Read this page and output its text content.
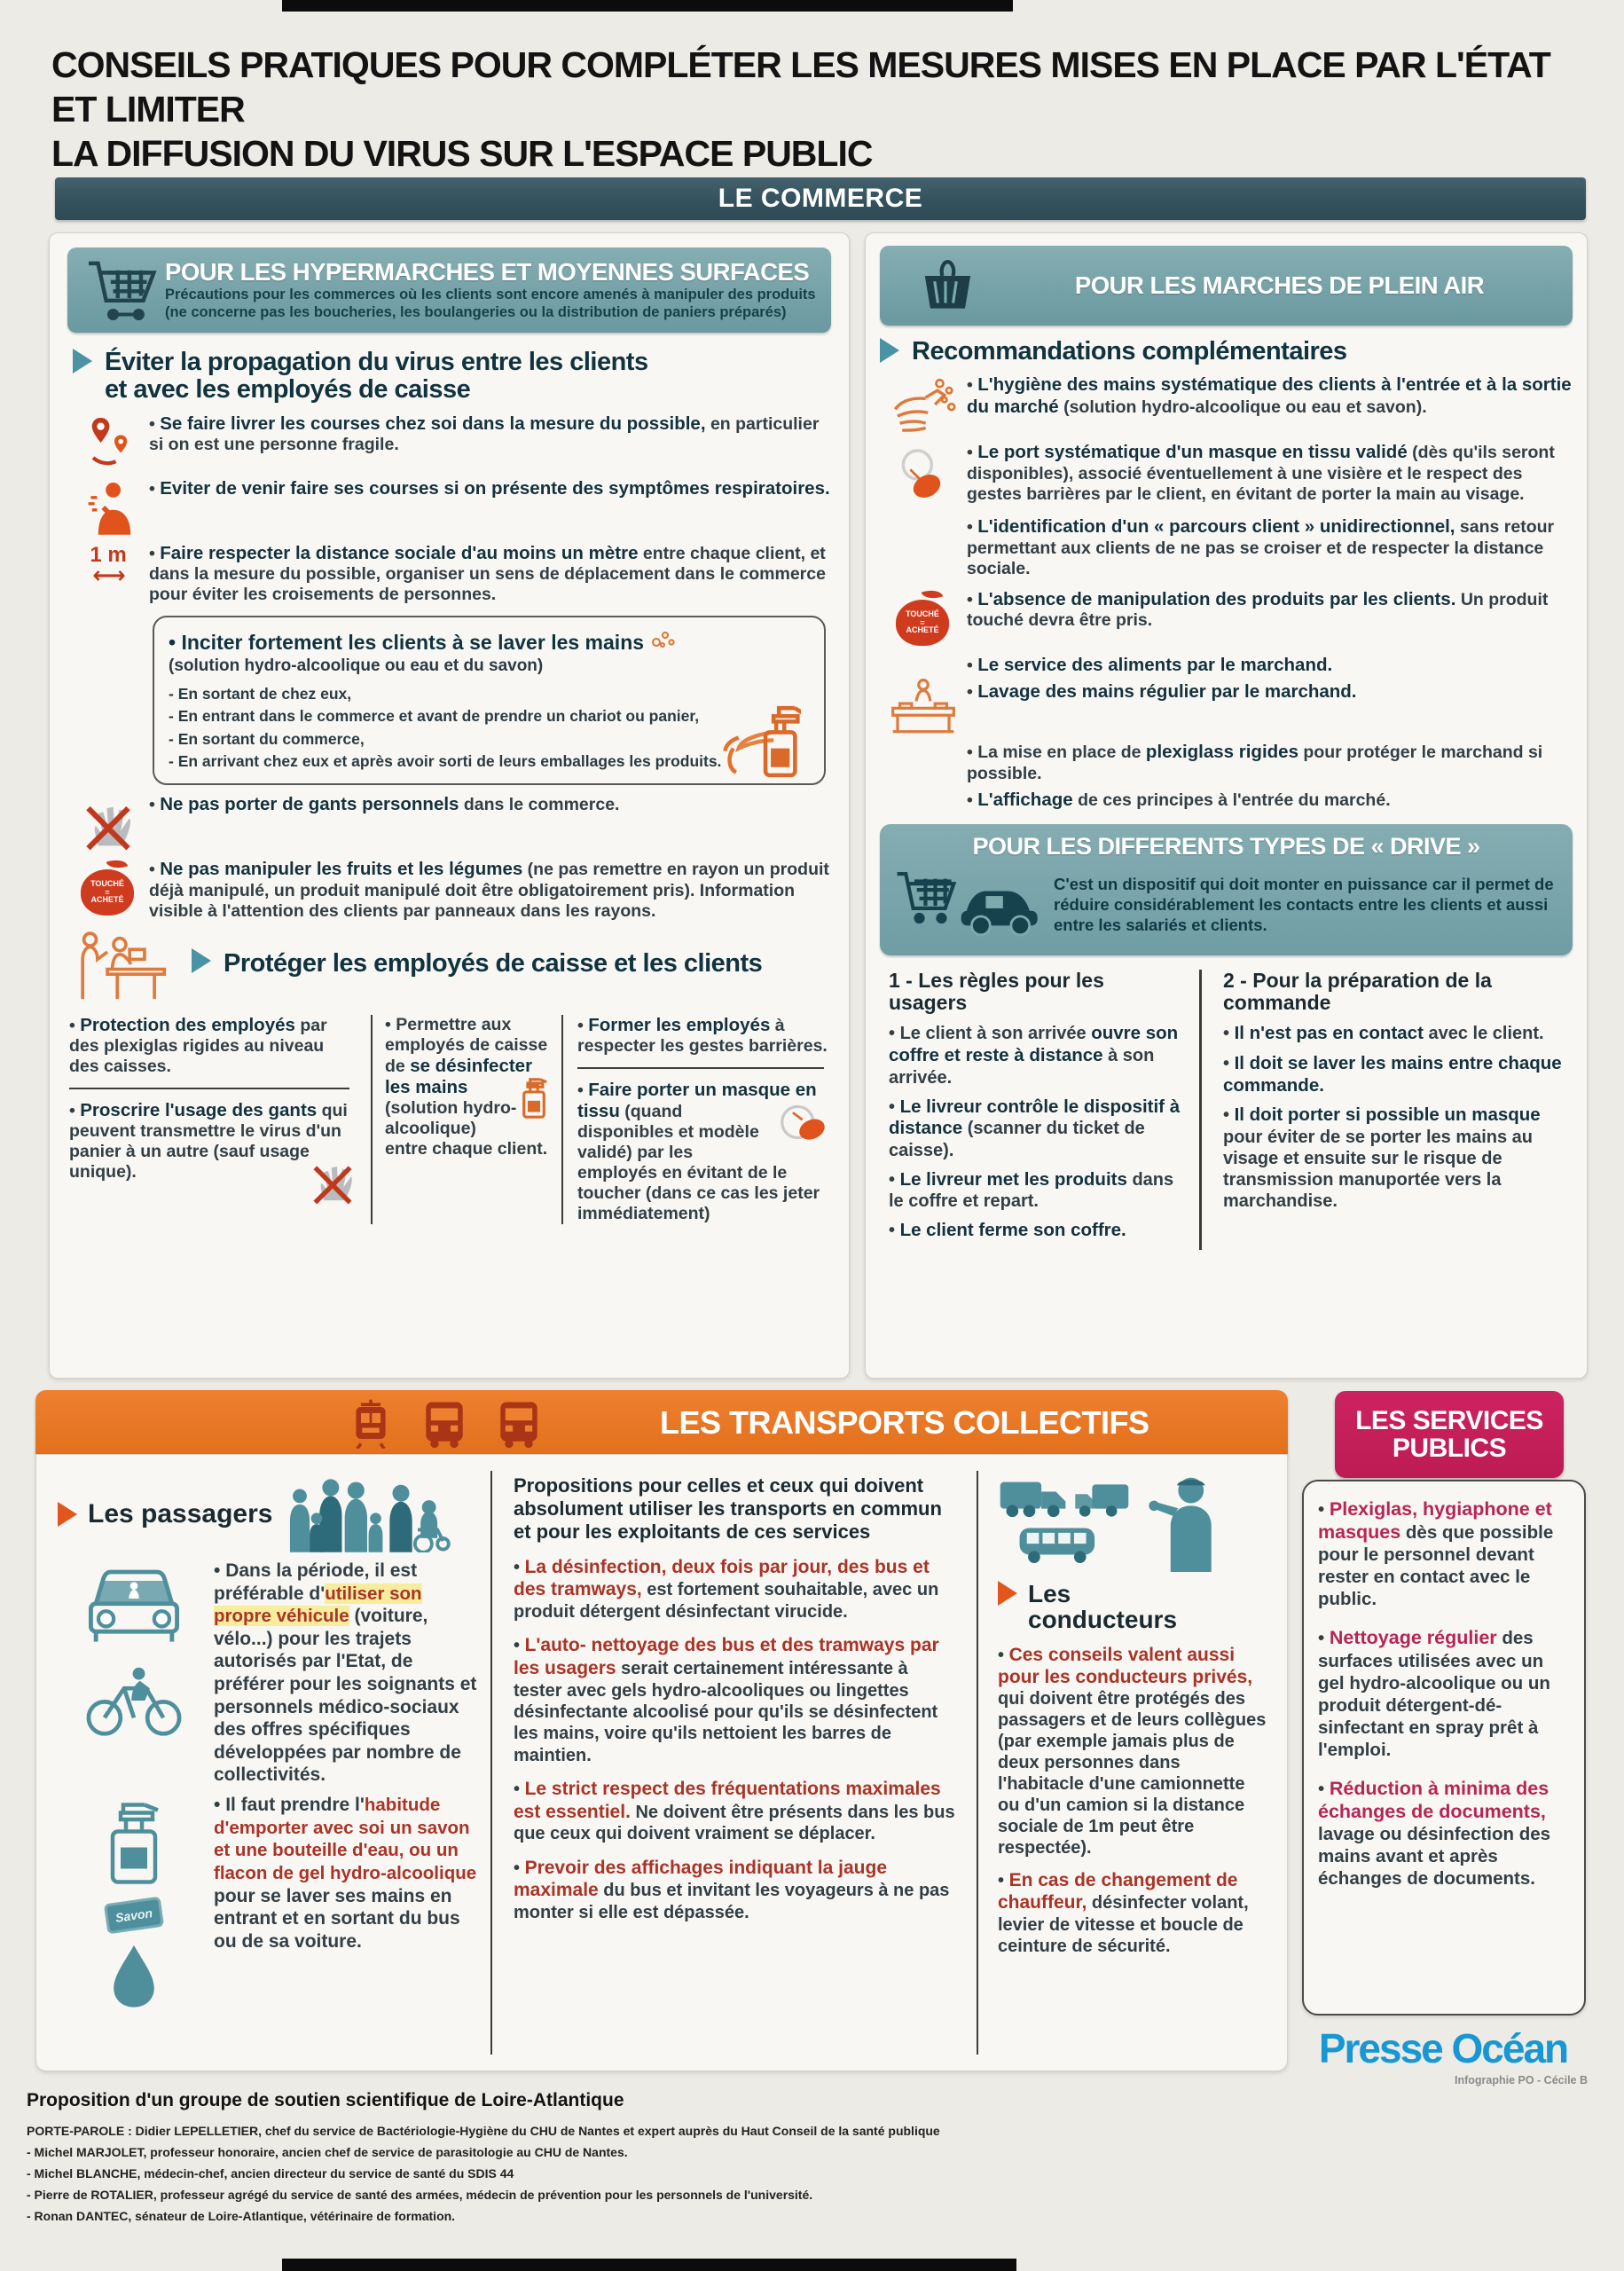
CONSEILS PRATIQUES POUR COMPLÉTER LES MESURES MISES EN PLACE PAR L'ÉTAT ET LIMITER
LA DIFFUSION DU VIRUS SUR L'ESPACE PUBLIC
LE COMMERCE
POUR LES HYPERMARCHES ET MOYENNES SURFACES
Précautions pour les commerces où les clients sont encore amenés à manipuler des produits
(ne concerne pas les boucheries, les boulangeries ou la distribution de paniers préparés)
Éviter la propagation du virus entre les clients
et avec les employés de caisse
• Se faire livrer les courses chez soi dans la mesure du possible, en particulier si on est une personne fragile.
• Eviter de venir faire ses courses si on présente des symptômes respiratoires.
1 m
⟷
• Faire respecter la distance sociale d'au moins un mètre entre chaque client, et dans la mesure du possible, organiser un sens de déplacement dans le commerce pour éviter les croisements de personnes.
• Inciter fortement les clients à se laver les mains
(solution hydro-alcoolique ou eau et du savon)
- En sortant de chez eux,
- En entrant dans le commerce et avant de prendre un chariot ou panier,
- En sortant du commerce,
- En arrivant chez eux et après avoir sorti de leurs emballages les produits.
• Ne pas porter de gants personnels dans le commerce.
TOUCHÉ
=
ACHETÉ
• Ne pas manipuler les fruits et les légumes (ne pas remettre en rayon un produit déjà manipulé, un produit manipulé doit être obligatoirement pris). Information visible à l'attention des clients par panneaux dans les rayons.
Protéger les employés de caisse et les clients
• Protection des employés par des plexiglas rigides au niveau des caisses.
• Proscrire l'usage des gants qui peuvent transmettre le virus d'un panier à un autre (sauf usage unique).
• Permettre aux employés de caisse de se désinfecter les mains
(solution hydro-alcoolique) entre chaque client.
• Former les employés à respecter les gestes barrières.
• Faire porter un masque en tissu
(quand disponibles et modèle validé) par les employés en évitant de le toucher (dans ce cas les jeter immédiatement)
POUR LES MARCHES DE PLEIN AIR
Recommandations complémentaires
• L'hygiène des mains systématique des clients à l'entrée et à la sortie du marché (solution hydro-alcoolique ou eau et savon).
• Le port systématique d'un masque en tissu validé (dès qu'ils seront disponibles), associé éventuellement à une visière et le respect des gestes barrières par le client, en évitant de porter la main au visage.
• L'identification d'un « parcours client » unidirectionnel, sans retour permettant aux clients de ne pas se croiser et de respecter la distance sociale.
TOUCHÉ
=
ACHETÉ
• L'absence de manipulation des produits par les clients. Un produit touché devra être pris.
• Le service des aliments par le marchand.
• Lavage des mains régulier par le marchand.
• La mise en place de plexiglass rigides pour protéger le marchand si possible.
• L'affichage de ces principes à l'entrée du marché.
POUR LES DIFFERENTS TYPES DE « DRIVE »
C'est un dispositif qui doit monter en puissance car il permet de réduire considérablement les contacts entre les clients et aussi entre les salariés et clients.
1 - Les règles pour les usagers
• Le client à son arrivée ouvre son coffre et reste à distance à son arrivée.
• Le livreur contrôle le dispositif à distance (scanner du ticket de caisse).
• Le livreur met les produits dans le coffre et repart.
• Le client ferme son coffre.
2 - Pour la préparation de la commande
• Il n'est pas en contact avec le client.
• Il doit se laver les mains entre chaque commande.
• Il doit porter si possible un masque pour éviter de se porter les mains au visage et ensuite sur le risque de transmission manuportée vers la marchandise.
LES TRANSPORTS COLLECTIFS
Les passagers
• Dans la période, il est préférable d'utiliser son propre véhicule (voiture, vélo...) pour les trajets autorisés par l'Etat, de préférer pour les soignants et personnels médico-sociaux des offres spécifiques développées par nombre de collectivités.
Savon
• Il faut prendre l'habitude d'emporter avec soi un savon et une bouteille d'eau, ou un flacon de gel hydro-alcoolique pour se laver ses mains en entrant et en sortant du bus ou de sa voiture.
Propositions pour celles et ceux qui doivent absolument utiliser les transports en commun et pour les exploitants de ces services
• La désinfection, deux fois par jour, des bus et des tramways, est fortement souhaitable, avec un produit détergent désinfectant virucide.
• L'auto- nettoyage des bus et des tramways par les usagers serait certainement intéressante à tester avec gels hydro-alcooliques ou lingettes désinfectante alcoolisé pour qu'ils se désinfectent les mains, voire qu'ils nettoient les barres de maintien.
• Le strict respect des fréquentations maximales est essentiel. Ne doivent être présents dans les bus que ceux qui doivent vraiment se déplacer.
• Prevoir des affichages indiquant la jauge maximale du bus et invitant les voyageurs à ne pas monter si elle est dépassée.
Les conducteurs
• Ces conseils valent aussi pour les conducteurs privés, qui doivent être protégés des passagers et de leurs collègues (par exemple jamais plus de deux personnes dans l'habitacle d'une camionnette ou d'un camion si la distance sociale de 1m peut être respectée).
• En cas de changement de chauffeur, désinfecter volant, levier de vitesse et boucle de ceinture de sécurité.
LES SERVICES
PUBLICS
• Plexiglas, hygiaphone et masques dès que possible pour le personnel devant rester en contact avec le public.
• Nettoyage régulier des surfaces utilisées avec un gel hydro-alcoolique ou un produit détergent-dé- sinfectant en spray prêt à l'emploi.
• Réduction à minima des échanges de documents, lavage ou désinfection des mains avant et après échanges de documents.
Presse Océan
Infographie PO - Cécile B
Proposition d'un groupe de soutien scientifique de Loire-Atlantique
PORTE-PAROLE : Didier LEPELLETIER, chef du service de Bactériologie-Hygiène du CHU de Nantes et expert auprès du Haut Conseil de la santé publique
- Michel MARJOLET, professeur honoraire, ancien chef de service de parasitologie au CHU de Nantes.
- Michel BLANCHE, médecin-chef, ancien directeur du service de santé du SDIS 44
- Pierre de ROTALIER, professeur agrégé du service de santé des armées, médecin de prévention pour les personnels de l'université.
- Ronan DANTEC, sénateur de Loire-Atlantique, vétérinaire de formation.
